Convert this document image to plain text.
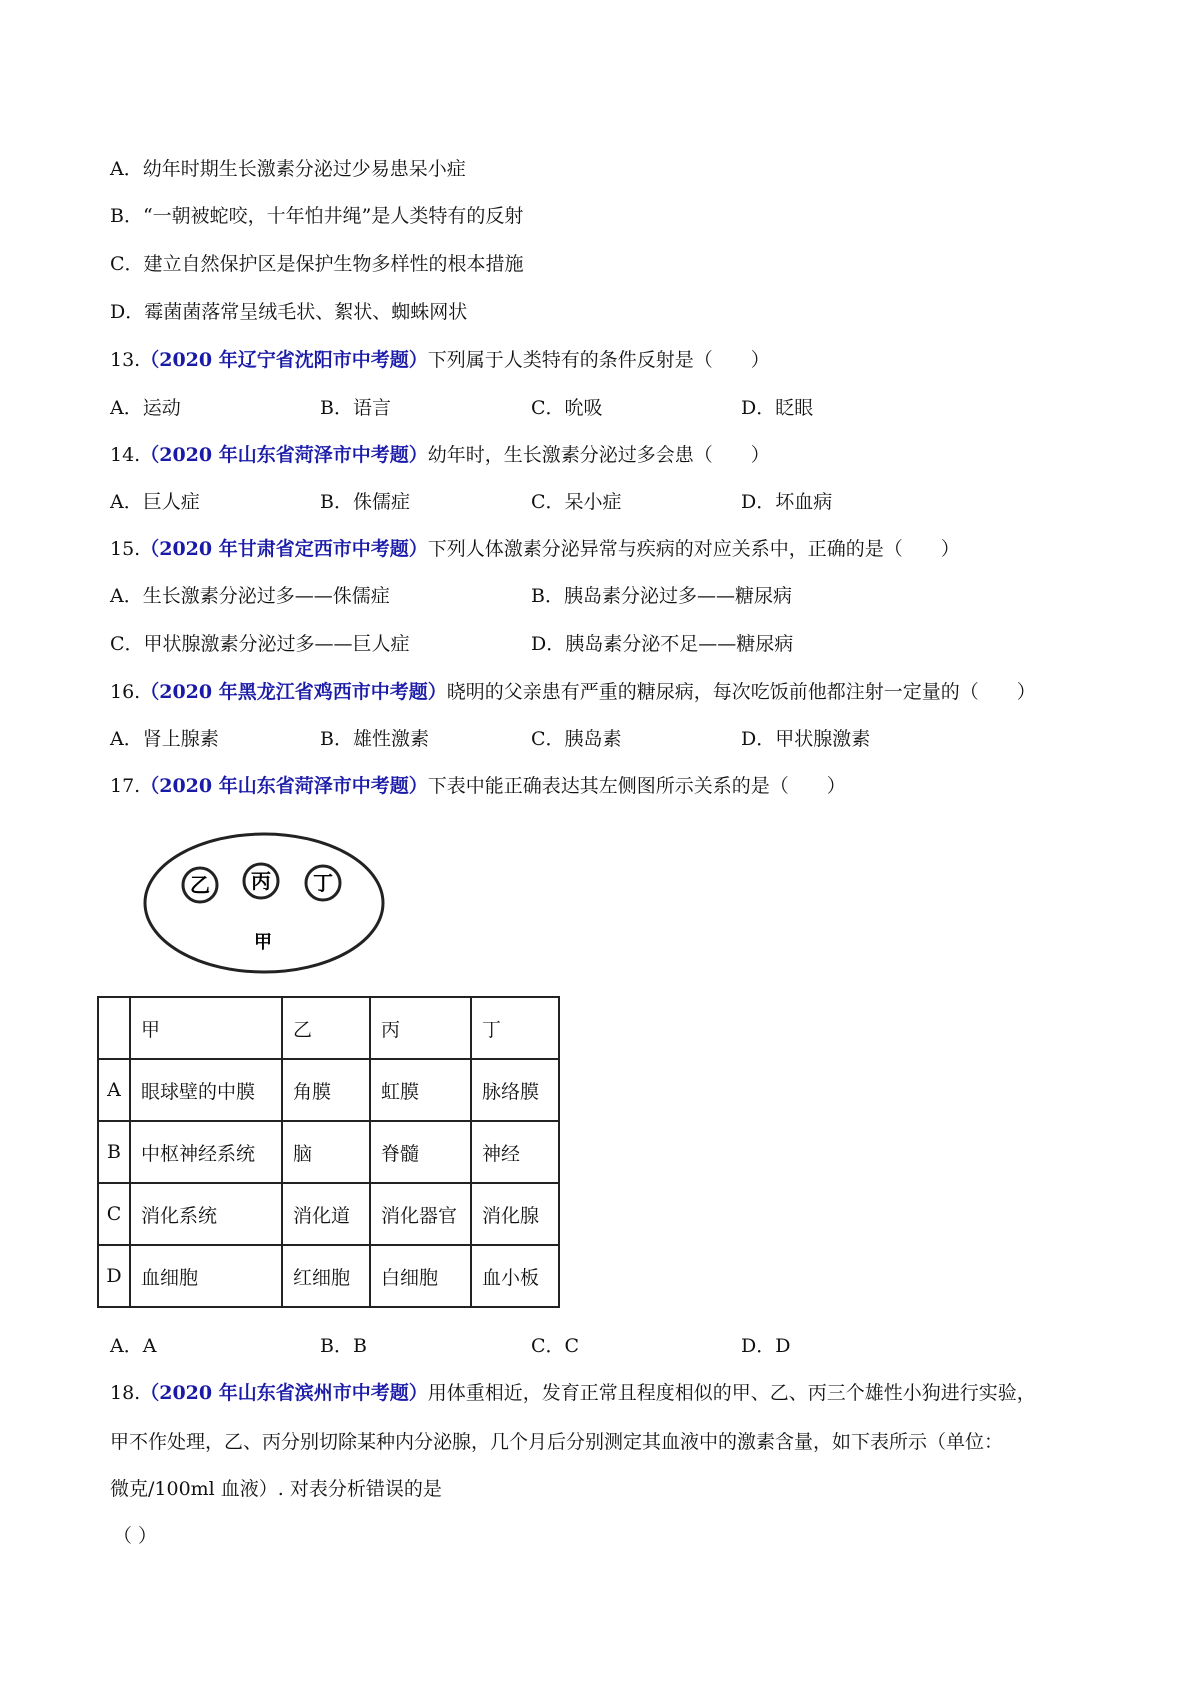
A．幼年时期生长激素分泌过少易患呆小症
B．“一朝被蛇咬，十年怕井绳”是人类特有的反射
C．建立自然保护区是保护生物多样性的根本措施
D．霉菌菌落常呈绒毛状、絮状、蜘蛛网状
13.（2020 年辽宁省沈阳市中考题）下列属于人类特有的条件反射是（　　）
A．运动	B．语言	C．吮吸	D．眨眼
14.（2020 年山东省菏泽市中考题）幼年时，生长激素分泌过多会患（　　）
A．巨人症	B．侏儒症	C．呆小症	D．坏血病
15.（2020 年甘肃省定西市中考题）下列人体激素分泌异常与疾病的对应关系中，正确的是（　　）
A．生长激素分泌过多——侏儒症	B．胰岛素分泌过多——糖尿病
C．甲状腺激素分泌过多——巨人症	D．胰岛素分泌不足——糖尿病
16.（2020 年黑龙江省鸡西市中考题）晓明的父亲患有严重的糖尿病，每次吃饭前他都注射一定量的（　　）
A．肾上腺素	B．雄性激素	C．胰岛素	D．甲状腺激素
17.（2020 年山东省菏泽市中考题）下表中能正确表达其左侧图所示关系的是（　　）
乙 丙 丁
甲
	甲	乙	丙	丁
A	眼球壁的中膜	角膜	虹膜	脉络膜
B	中枢神经系统	脑	脊髓	神经
C	消化系统	消化道	消化器官	消化腺
D	血细胞	红细胞	白细胞	血小板
A．A	B．B	C．C	D．D
18.（2020 年山东省滨州市中考题）用体重相近，发育正常且程度相似的甲、乙、丙三个雄性小狗进行实验，
甲不作处理，乙、丙分别切除某种内分泌腺，几个月后分别测定其血液中的激素含量，如下表所示（单位：
微克/100ml 血液）. 对表分析错误的是
（ ）
